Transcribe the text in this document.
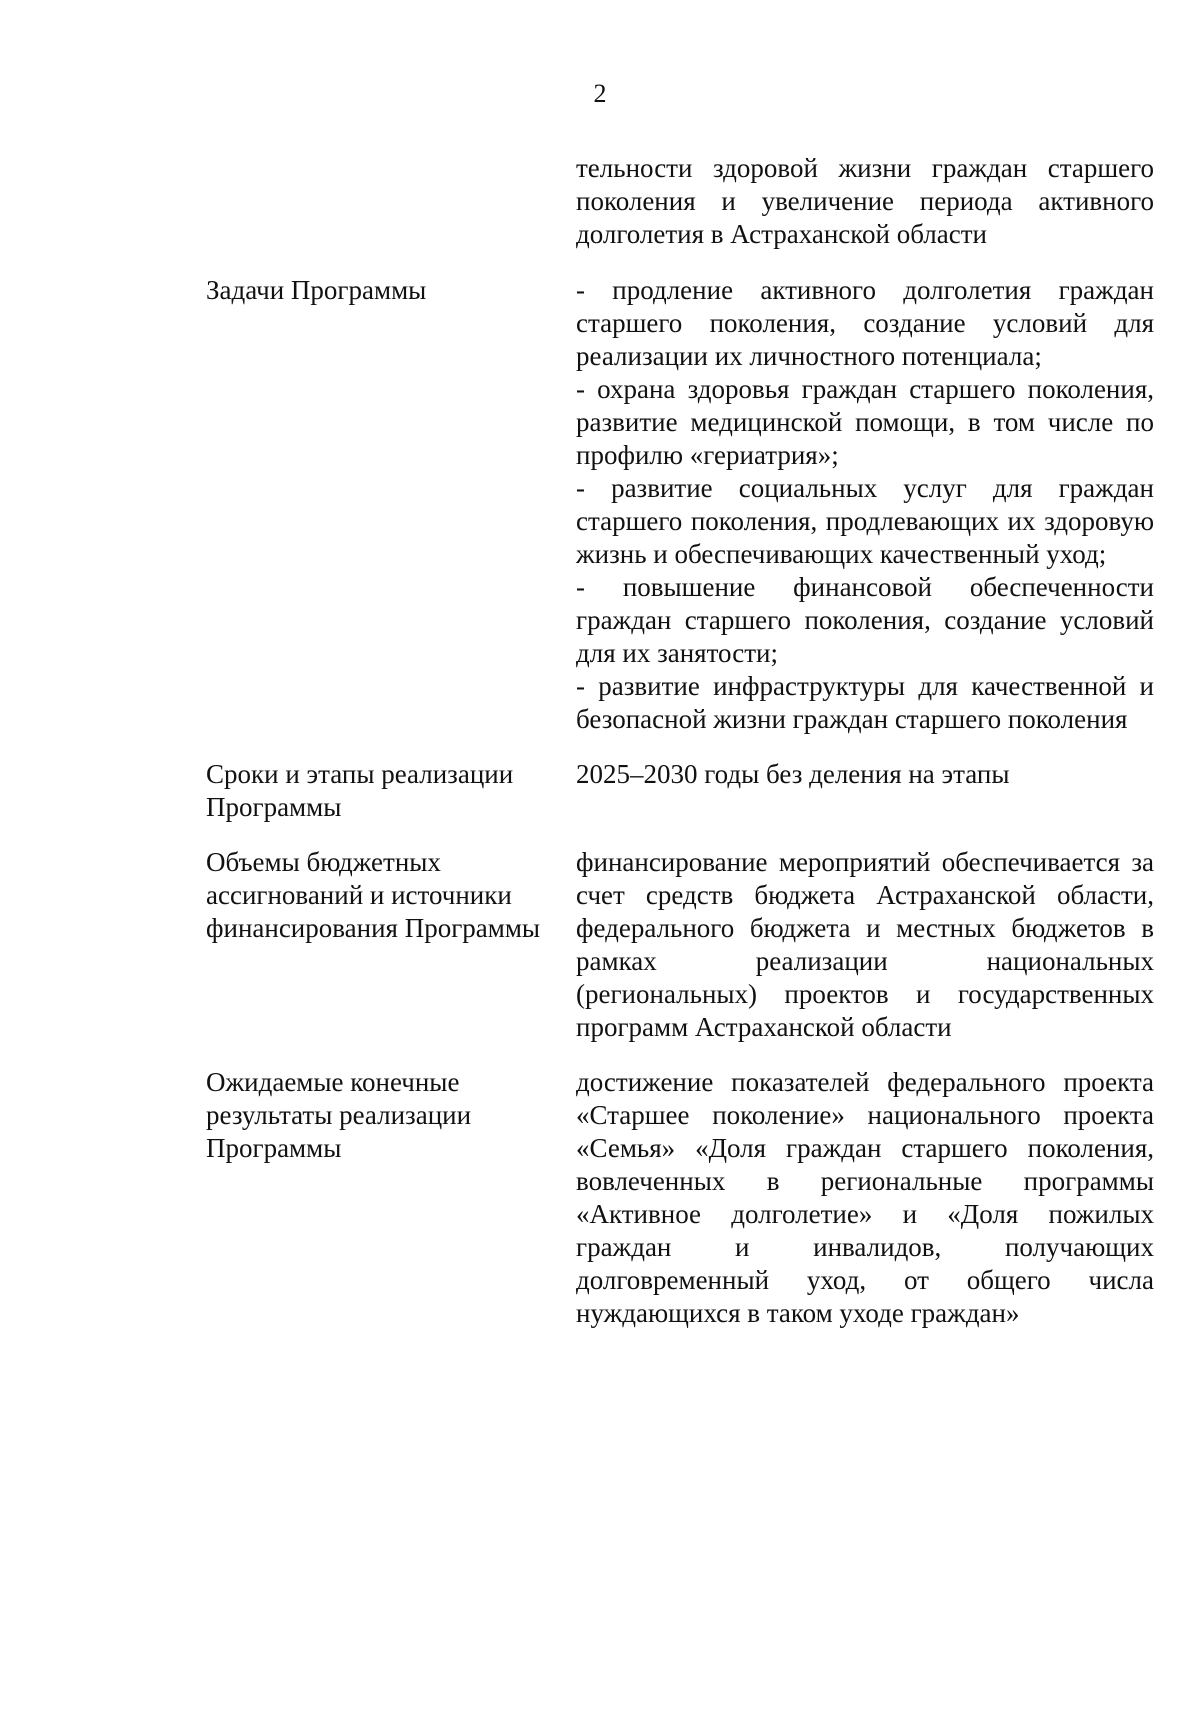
2
тельности здоровой жизни граждан старшего поколения и увеличение периода активного долголетия в Астраханской области
Задачи Программы	- продление активного долголетия граждан старшего поколения, создание условий для реализации их личностного потенциала;

- охрана здоровья граждан старшего поколения, развитие медицинской помощи, в том числе по профилю «гериатрия»;

- развитие социальных услуг для граждан старшего поколения, продлевающих их здоровую жизнь и обеспечивающих качественный уход;

- повышение финансовой обеспеченности граждан старшего поколения, создание условий для их занятости;

- развитие инфраструктуры для качественной и безопасной жизни граждан старшего поколения

Сроки и этапы реализации Программы
2025–2030 годы без деления на этапы
Объемы бюджетных ассигнований и источники финансирования Программы
финансирование мероприятий обеспечивается за счет средств бюджета Астраханской области, федерального бюджета и местных бюджетов в рамках реализации национальных (региональных) проектов и государственных программ Астраханской области
Ожидаемые конечные результаты реализации Программы
достижение показателей федерального проекта «Старшее поколение» национального проекта «Семья» «Доля граждан старшего поколения, вовлеченных в региональные программы «Активное долголетие» и «Доля пожилых граждан и инвалидов, получающих долговременный уход, от общего числа нуждающихся в таком уходе граждан»
